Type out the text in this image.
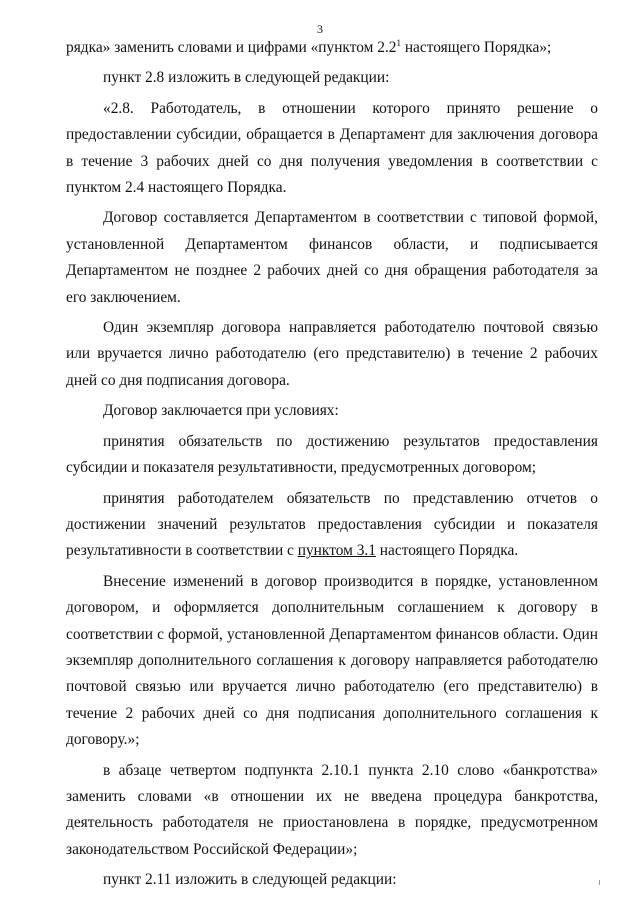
3

рядка» заменить словами и цифрами «пунктом $2.2^1$ настоящего Порядка»;

пункт 2.8 изложить в следующей редакции:

«2.8. Работодатель, в отношении которого принято решение о предоставлении субсидии, обращается в Департамент для заключения договора в течение 3 рабочих дней со дня получения уведомления в соответствии с пунктом 2.4 настоящего Порядка.

Договор составляется Департаментом в соответствии с типовой формой, установленной Департаментом финансов области, и подписывается Департаментом не позднее 2 рабочих дней со дня обращения работодателя за его заключением.

Один экземпляр договора направляется работодателю почтовой связью или вручается лично работодателю (его представителю) в течение 2 рабочих дней со дня подписания договора.

Договор заключается при условиях:

принятия обязательств по достижению результатов предоставления субсидии и показателя результативности, предусмотренных договором;

принятия работодателем обязательств по представлению отчетов о достижении значений результатов предоставления субсидии и показателя результативности в соответствии с пунктом 3.1 настоящего Порядка.

Внесение изменений в договор производится в порядке, установленном договором, и оформляется дополнительным соглашением к договору в соответствии с формой, установленной Департаментом финансов области. Один экземпляр дополнительного соглашения к договору направляется работодателю почтовой связью или вручается лично работодателю (его представителю) в течение 2 рабочих дней со дня подписания дополнительного соглашения к договору.»;

в абзаце четвертом подпункта 2.10.1 пункта 2.10 слово «банкротства» заменить словами «в отношении их не введена процедура банкротства, деятельность работодателя не приостановлена в порядке, предусмотренном законодательством Российской Федерации»;

пункт 2.11 изложить в следующей редакции:
